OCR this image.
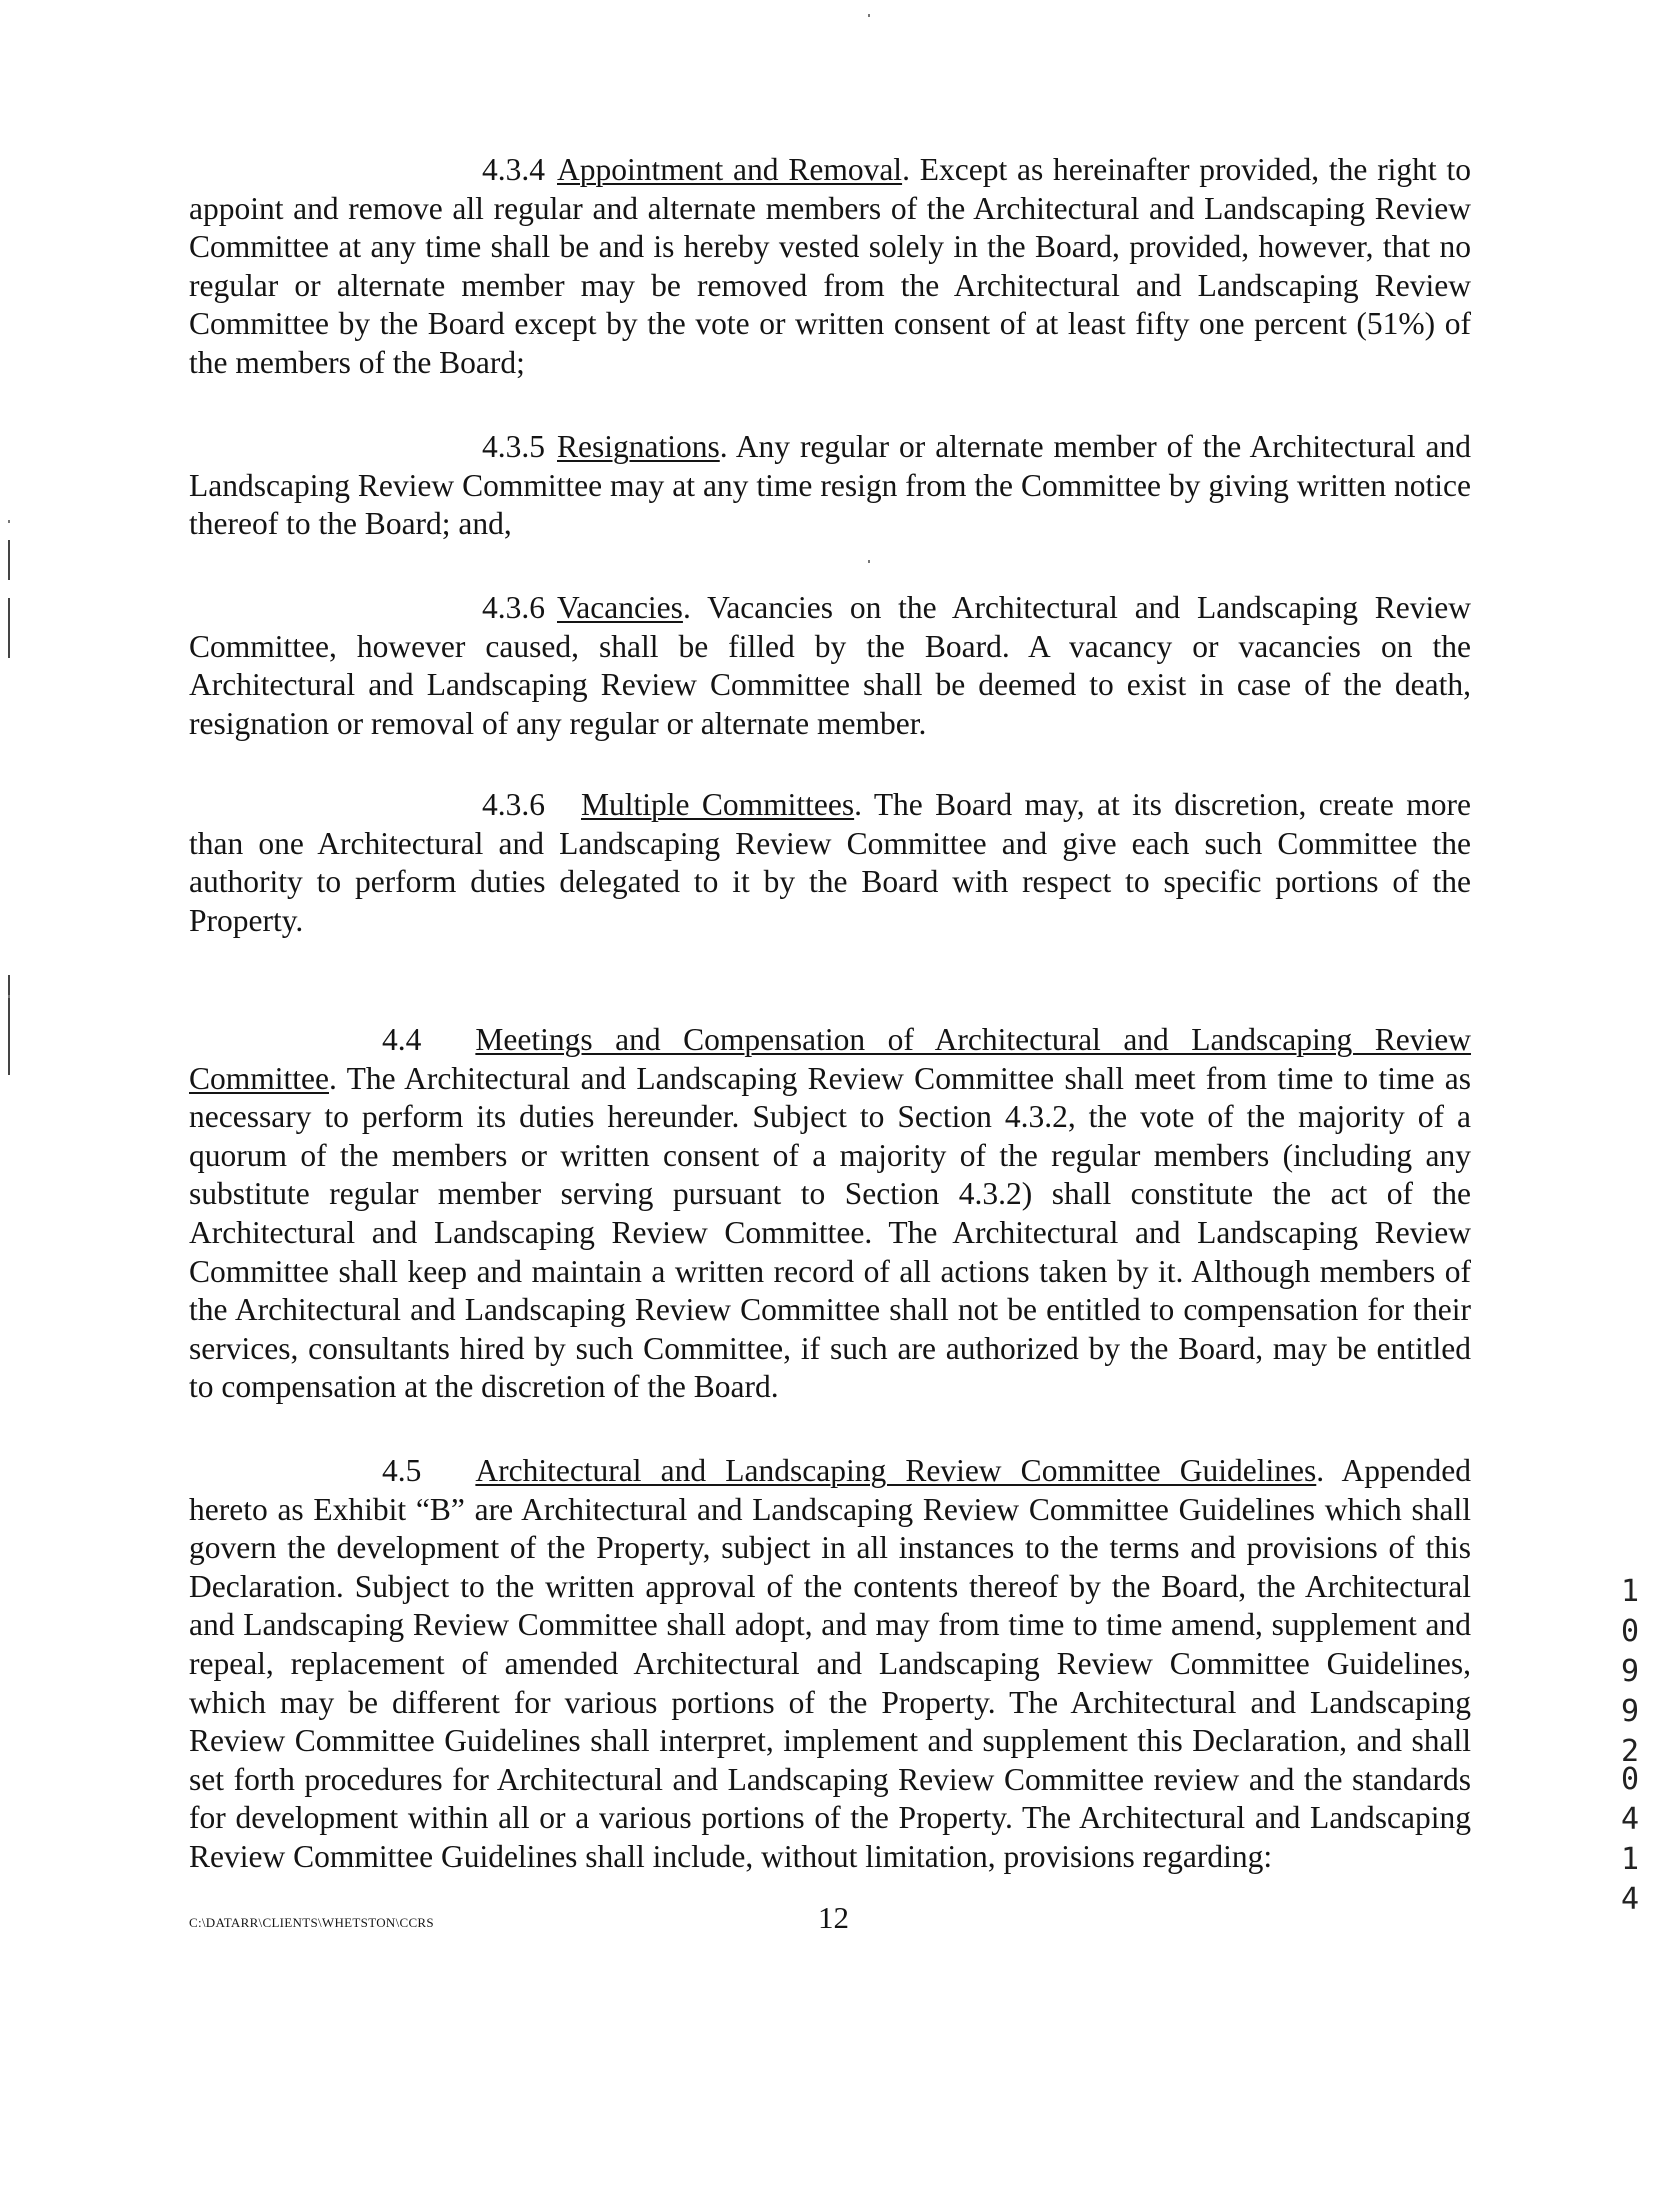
4.3.4 Appointment and Removal. Except as hereinafter provided, the right to appoint and remove all regular and alternate members of the Architectural and Landscaping Review Committee at any time shall be and is hereby vested solely in the Board, provided, however, that no regular or alternate member may be removed from the Architectural and Landscaping Review Committee by the Board except by the vote or written consent of at least fifty one percent (51%) of the members of the Board;

4.3.5 Resignations. Any regular or alternate member of the Architectural and Landscaping Review Committee may at any time resign from the Committee by giving written notice thereof to the Board; and,

4.3.6 Vacancies. Vacancies on the Architectural and Landscaping Review Committee, however caused, shall be filled by the Board. A vacancy or vacancies on the Architectural and Landscaping Review Committee shall be deemed to exist in case of the death, resignation or removal of any regular or alternate member.

4.3.6 Multiple Committees. The Board may, at its discretion, create more than one Architectural and Landscaping Review Committee and give each such Committee the authority to perform duties delegated to it by the Board with respect to specific portions of the Property.

4.4 Meetings and Compensation of Architectural and Landscaping Review Committee. The Architectural and Landscaping Review Committee shall meet from time to time as necessary to perform its duties hereunder. Subject to Section 4.3.2, the vote of the majority of a quorum of the members or written consent of a majority of the regular members (including any substitute regular member serving pursuant to Section 4.3.2) shall constitute the act of the Architectural and Landscaping Review Committee. The Architectural and Landscaping Review Committee shall keep and maintain a written record of all actions taken by it. Although members of the Architectural and Landscaping Review Committee shall not be entitled to compensation for their services, consultants hired by such Committee, if such are authorized by the Board, may be entitled to compensation at the discretion of the Board.

4.5 Architectural and Landscaping Review Committee Guidelines. Appended hereto as Exhibit “B” are Architectural and Landscaping Review Committee Guidelines which shall govern the development of the Property, subject in all instances to the terms and provisions of this Declaration. Subject to the written approval of the contents thereof by the Board, the Architectural and Landscaping Review Committee shall adopt, and may from time to time amend, supplement and repeal, replacement of amended Architectural and Landscaping Review Committee Guidelines, which may be different for various portions of the Property. The Architectural and Landscaping Review Committee Guidelines shall interpret, implement and supplement this Declaration, and shall set forth procedures for Architectural and Landscaping Review Committee review and the standards for development within all or a various portions of the Property. The Architectural and Landscaping Review Committee Guidelines shall include, without limitation, provisions regarding:

C:\DATARR\CLIENTS\WHETSTON\CCRS	12
1
0
9
9
2
0
4
1
4
